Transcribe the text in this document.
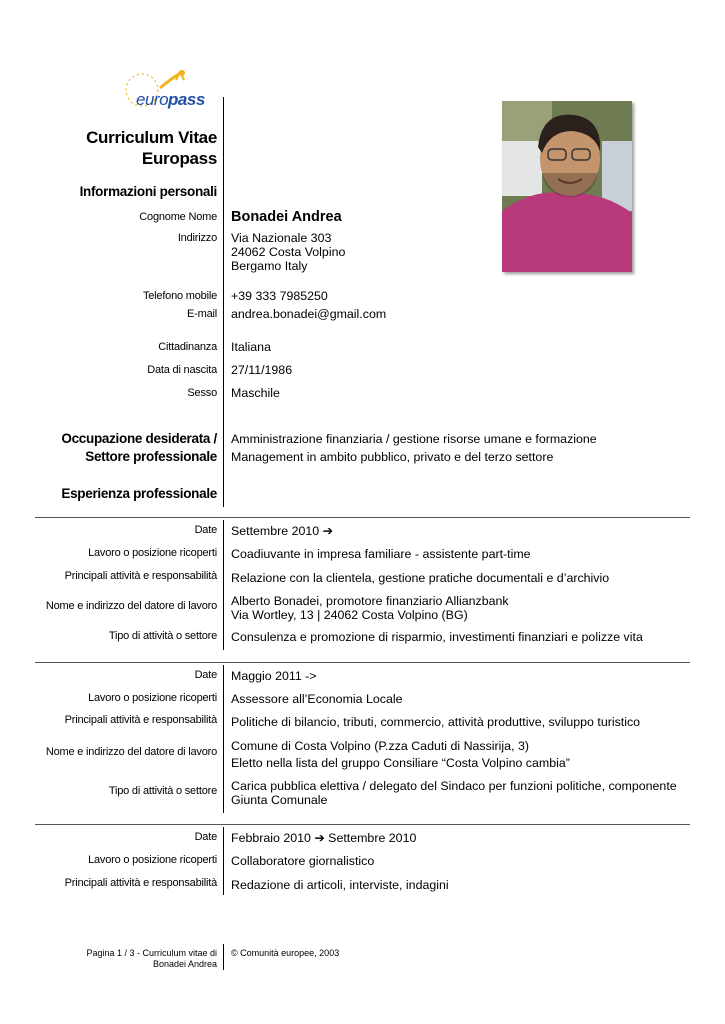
europass
Curriculum Vitae
Europass
Informazioni personali
Cognome Nome Bonadei Andrea
Indirizzo Via Nazionale 303
24062 Costa Volpino
Bergamo Italy
Telefono mobile +39 333 7985250
E-mail andrea.bonadei@gmail.com
Cittadinanza Italiana
Data di nascita 27/11/1986
Sesso Maschile
Occupazione desiderata /
Settore professionale
Amministrazione finanziaria / gestione risorse umane e formazione
Management in ambito pubblico, privato e del terzo settore
Esperienza professionale
Date Settembre 2010 ➔
Lavoro o posizione ricoperti Coadiuvante in impresa familiare - assistente part-time
Principali attività e responsabilità Relazione con la clientela, gestione pratiche documentali e d’archivio
Nome e indirizzo del datore di lavoro Alberto Bonadei, promotore finanziario Allianzbank
Via Wortley, 13 | 24062 Costa Volpino (BG)
Tipo di attività o settore Consulenza e promozione di risparmio, investimenti finanziari e polizze vita
Date Maggio 2011 ->
Lavoro o posizione ricoperti Assessore all’Economia Locale
Principali attività e responsabilità Politiche di bilancio, tributi, commercio, attività produttive, sviluppo turistico
Nome e indirizzo del datore di lavoro Comune di Costa Volpino (P.zza Caduti di Nassirija, 3)
Eletto nella lista del gruppo Consiliare “Costa Volpino cambia”
Tipo di attività o settore Carica pubblica elettiva / delegato del Sindaco per funzioni politiche, componente
Giunta Comunale
Date Febbraio 2010 ➔ Settembre 2010
Lavoro o posizione ricoperti Collaboratore giornalistico
Principali attività e responsabilità Redazione di articoli, interviste, indagini
Pagina 1 / 3 - Curriculum vitae di
Bonadei Andrea
© Comunità europee, 2003
